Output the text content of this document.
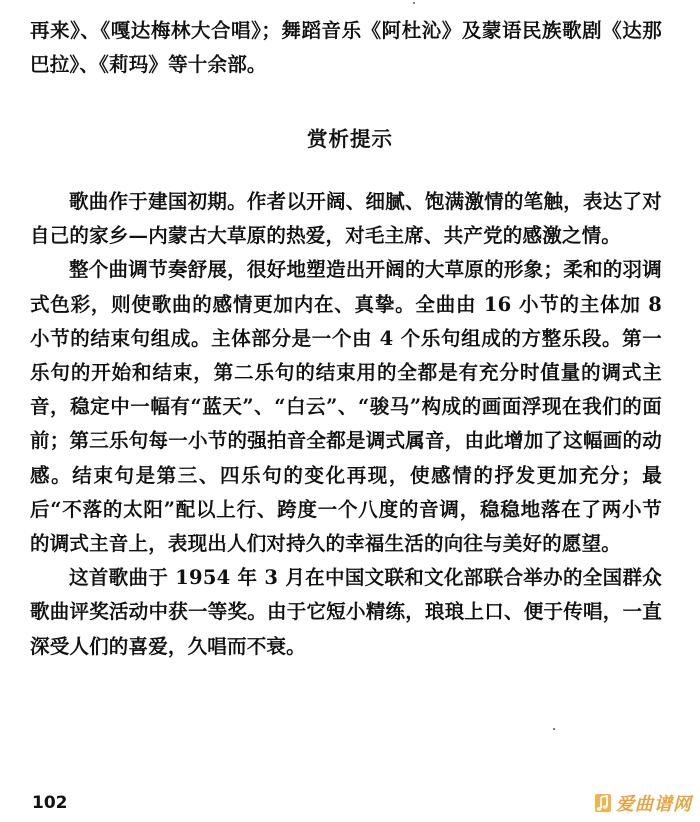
再来》、《嘎达梅林大合唱》；舞蹈音乐《阿杜沁》及蒙语民族歌剧《达那巴拉》、《莉玛》等十余部。

赏析提示

歌曲作于建国初期。作者以开阔、细腻、饱满激情的笔触，表达了对自己的家乡—内蒙古大草原的热爱，对毛主席、共产党的感激之情。

整个曲调节奏舒展，很好地塑造出开阔的大草原的形象；柔和的羽调式色彩，则使歌曲的感情更加内在、真挚。全曲由 16 小节的主体加 8 小节的结束句组成。主体部分是一个由 4 个乐句组成的方整乐段。第一乐句的开始和结束，第二乐句的结束用的全都是有充分时值量的调式主音，稳定中一幅有“蓝天”、“白云”、“骏马”构成的画面浮现在我们的面前；第三乐句每一小节的强拍音全都是调式属音，由此增加了这幅画的动感。结束句是第三、四乐句的变化再现，使感情的抒发更加充分；最后“不落的太阳”配以上行、跨度一个八度的音调，稳稳地落在了两小节的调式主音上，表现出人们对持久的幸福生活的向往与美好的愿望。

这首歌曲于 1954 年 3 月在中国文联和文化部联合举办的全国群众歌曲评奖活动中获一等奖。由于它短小精练，琅琅上口、便于传唱，一直深受人们的喜爱，久唱而不衰。

102	爱曲谱网
